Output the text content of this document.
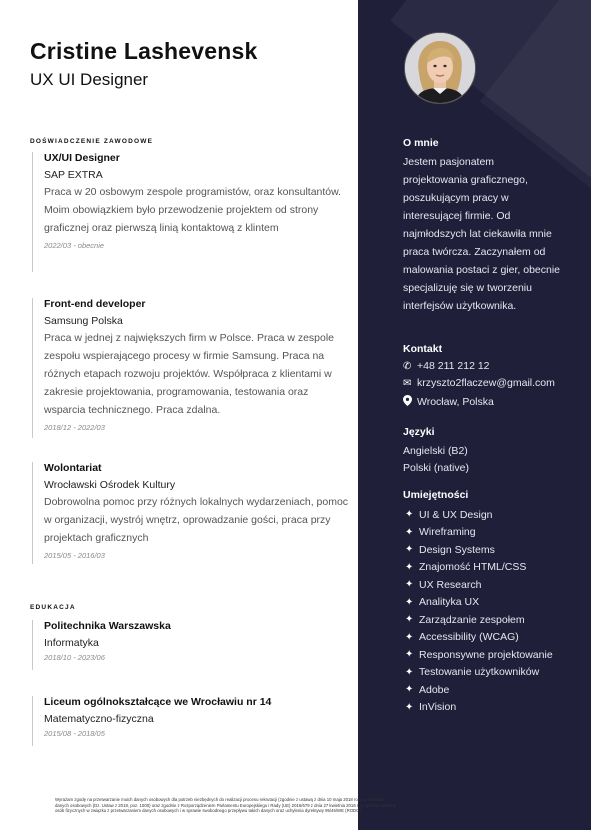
Cristine Lashevensk
UX UI Designer
DOŚWIADCZENIE ZAWODOWE
UX/UI Designer
SAP EXTRA
Praca w 20 osbowym zespole programistów, oraz konsultantów. Moim obowiązkiem było przewodzenie projektem od strony graficznej oraz pierwszą linią kontaktową z klintem
2022/03 - obecnie
Front-end developer
Samsung Polska
Praca w jednej z największych firm w Polsce. Praca w zespole zespołu wspierającego procesy w firmie Samsung. Praca na różnych etapach rozwoju projektów. Współpraca z klientami w zakresie projektowania, programowania, testowania oraz wsparcia technicznego. Praca zdalna.
2018/12 - 2022/03
Wolontariat
Wrocławski Ośrodek Kultury
Dobrowolna pomoc przy różnych lokalnych wydarzeniach, pomoc w organizacji, wystrój wnętrz, oprowadzanie gości, praca przy projektach graficznych
2015/05 - 2016/03
EDUKACJA
Politechnika Warszawska
Informatyka
2018/10 - 2023/06
Liceum ogólnokształcące we Wrocławiu nr 14
Matematyczno-fizyczna
2015/08 - 2018/05
O mnie
Jestem pasjonatem projektowania graficznego, poszukującym pracy w interesującej firmie. Od najmłodszych lat ciekawiła mnie praca twórcza. Zaczynałem od malowania postaci z gier, obecnie specjalizuję się w tworzeniu interfejsów użytkownika.
Kontakt
✆ +48 211 212 12
✉ krzyszto2flaczew@gmail.com
Wrocław, Polska
Języki
Angielski (B2)
Polski (native)
Umiejętności
✦ UI & UX Design
✦ Wireframing
✦ Design Systems
✦ Znajomość HTML/CSS
✦ UX Research
✦ Analityka UX
✦ Zarządzanie zespołem
✦ Accessibility (WCAG)
✦ Responsywne projektowanie
✦ Testowanie użytkowników
✦ Adobe
✦ InVision
Wyrażam zgodę na przetwarzanie moich danych osobowych dla potrzeb niezbędnych do realizacji procesu rekrutacji (zgodnie z ustawą z dnia 10 maja 2018 roku o ochronie
danych osobowych (Dz. Ustaw z 2018, poz. 1000) oraz zgodnie z Rozporządzeniem Parlamentu Europejskiego i Rady (UE) 2016/679 z dnia 27 kwietnia 2016 r. w sprawie ochrony
osób fizycznych w związku z przetwarzaniem danych osobowych i w sprawie swobodnego przepływu takich danych oraz uchylenia dyrektywy 95/46/WE (RODO).
